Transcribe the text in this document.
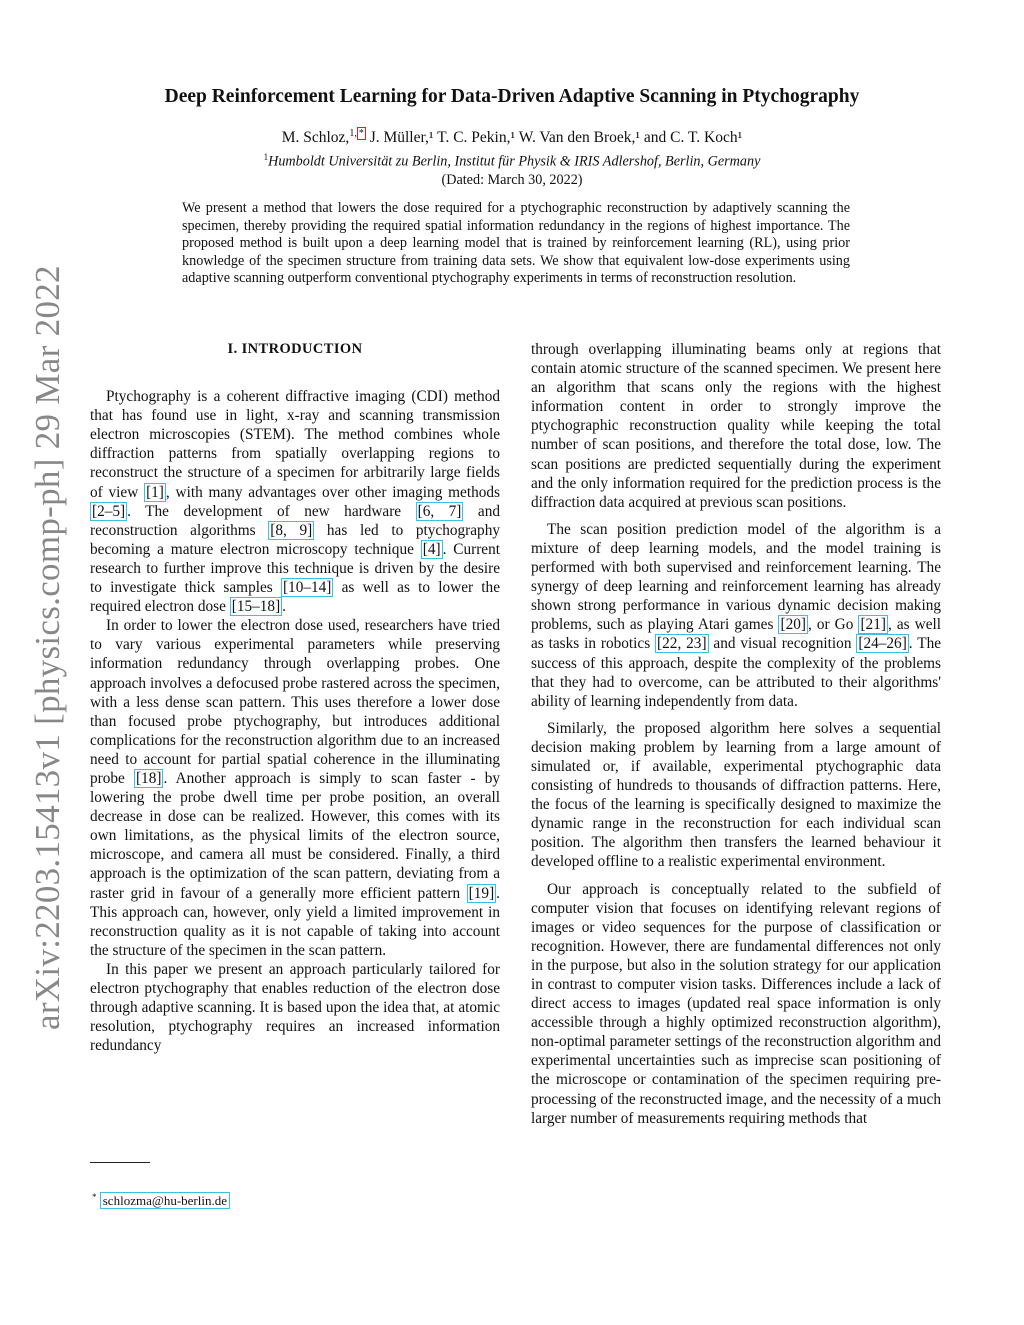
arXiv:2203.15413v1 [physics.comp-ph] 29 Mar 2022
Deep Reinforcement Learning for Data-Driven Adaptive Scanning in Ptychography
M. Schloz,$^{1,}$ * J. Müller,¹ T. C. Pekin,¹ W. Van den Broek,¹ and C. T. Koch¹
$^1$Humboldt Universität zu Berlin, Institut für Physik & IRIS Adlershof, Berlin, Germany
(Dated: March 30, 2022)
We present a method that lowers the dose required for a ptychographic reconstruction by adaptively scanning the specimen, thereby providing the required spatial information redundancy in the regions of highest importance. The proposed method is built upon a deep learning model that is trained by reinforcement learning (RL), using prior knowledge of the specimen structure from training data sets. We show that equivalent low-dose experiments using adaptive scanning outperform conventional ptychography experiments in terms of reconstruction resolution.
I. INTRODUCTION

Ptychography is a coherent diffractive imaging (CDI) method that has found use in light, x-ray and scanning transmission electron microscopies (STEM). The method combines whole diffraction patterns from spatially overlapping regions to reconstruct the structure of a specimen for arbitrarily large fields of view [1] , with many advantages over other imaging methods [2–5] . The development of new hardware [6, 7] and reconstruction algorithms [8, 9] has led to ptychography becoming a mature electron microscopy technique [4] . Current research to further improve this technique is driven by the desire to investigate thick samples [10–14] as well as to lower the required electron dose [15–18] .

In order to lower the electron dose used, researchers have tried to vary various experimental parameters while preserving information redundancy through overlapping probes. One approach involves a defocused probe rastered across the specimen, with a less dense scan pattern. This uses therefore a lower dose than focused probe ptychography, but introduces additional complications for the reconstruction algorithm due to an increased need to account for partial spatial coherence in the illuminating probe [18] . Another approach is simply to scan faster - by lowering the probe dwell time per probe position, an overall decrease in dose can be realized. However, this comes with its own limitations, as the physical limits of the electron source, microscope, and camera all must be considered. Finally, a third approach is the optimization of the scan pattern, deviating from a raster grid in favour of a generally more efficient pattern [19] . This approach can, however, only yield a limited improvement in reconstruction quality as it is not capable of taking into account the structure of the specimen in the scan pattern.

In this paper we present an approach particularly tailored for electron ptychography that enables reduction of the electron dose through adaptive scanning. It is based upon the idea that, at atomic resolution, ptychography requires an increased information redundancy

through overlapping illuminating beams only at regions that contain atomic structure of the scanned specimen. We present here an algorithm that scans only the regions with the highest information content in order to strongly improve the ptychographic reconstruction quality while keeping the total number of scan positions, and therefore the total dose, low. The scan positions are predicted sequentially during the experiment and the only information required for the prediction process is the diffraction data acquired at previous scan positions.

The scan position prediction model of the algorithm is a mixture of deep learning models, and the model training is performed with both supervised and reinforcement learning. The synergy of deep learning and reinforcement learning has already shown strong performance in various dynamic decision making problems, such as playing Atari games [20] , or Go [21] , as well as tasks in robotics [22, 23] and visual recognition [24–26] . The success of this approach, despite the complexity of the problems that they had to overcome, can be attributed to their algorithms' ability of learning independently from data.

Similarly, the proposed algorithm here solves a sequential decision making problem by learning from a large amount of simulated or, if available, experimental ptychographic data consisting of hundreds to thousands of diffraction patterns. Here, the focus of the learning is specifically designed to maximize the dynamic range in the reconstruction for each individual scan position. The algorithm then transfers the learned behaviour it developed offline to a realistic experimental environment.

Our approach is conceptually related to the subfield of computer vision that focuses on identifying relevant regions of images or video sequences for the purpose of classification or recognition. However, there are fundamental differences not only in the purpose, but also in the solution strategy for our application in contrast to computer vision tasks. Differences include a lack of direct access to images (updated real space information is only accessible through a highly optimized reconstruction algorithm), non-optimal parameter settings of the reconstruction algorithm and experimental uncertainties such as imprecise scan positioning of the microscope or contamination of the specimen requiring pre-processing of the reconstructed image, and the necessity of a much larger number of measurements requiring methods that

* schlozma@hu-berlin.de
